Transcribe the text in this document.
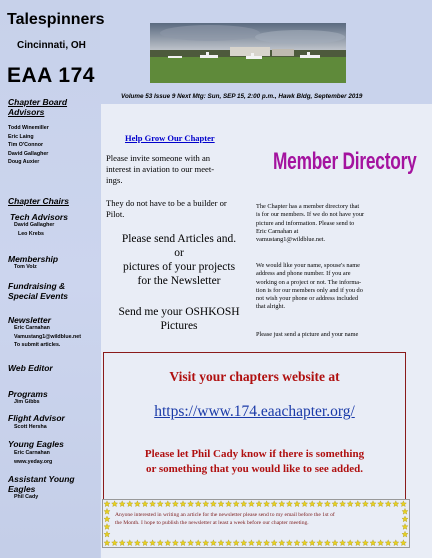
Talespinners
Cincinnati, OH
EAA 174
Chapter Board
Advisors
Todd Winemiller
Eric Laing
Tim O'Connor
David Gallagher
Doug Auxier
Chapter Chairs
Tech Advisors
David Gallagher
Leo Krebs
Membership
Tom Volz
Fundraising &
Special Events
Newsletter
Eric Carnahan
Vamustang1@wildblue.net
To submit articles.
Web Editor
Programs
Jim Gibbs
Flight Advisor
Scott Hersha
Young Eagles
Eric Carnahan
www.yeday.org
Assistant Young
Eagles
Phil Cady
Volume 53 Issue 9 Next Mtg: Sun, SEP 15, 2:00 p.m., Hawk Bldg, September 2019
Help Grow Our Chapter
Please invite someone with an
interest in aviation to our meet-
ings.
They do not have to be a builder or
Pilot.
Please send Articles and.
or
pictures of your projects
for the Newsletter
Send me your OSHKOSH
Pictures
Member Directory
The Chapter has a member directory that
is for our members. If we do not have your
picture and information. Please send to
Eric Carnahan at
vamustang1@wildblue.net.
We would like your name, spouse's name
address and phone number. If you are
working on a project or not. The informa-
tion is for our members only and if you do
not wish your phone or address included
that alright.
Please just send a picture and your name
Visit your chapters website at
https://www.174.eaachapter.org/
Please let Phil Cady know if there is something
or something that you would like to see added.
Anyone interested in writing an article for the newsletter please send to my email before the 1st of
the Month. I hope to publish the newsletter at least a week before our chapter meeting.
